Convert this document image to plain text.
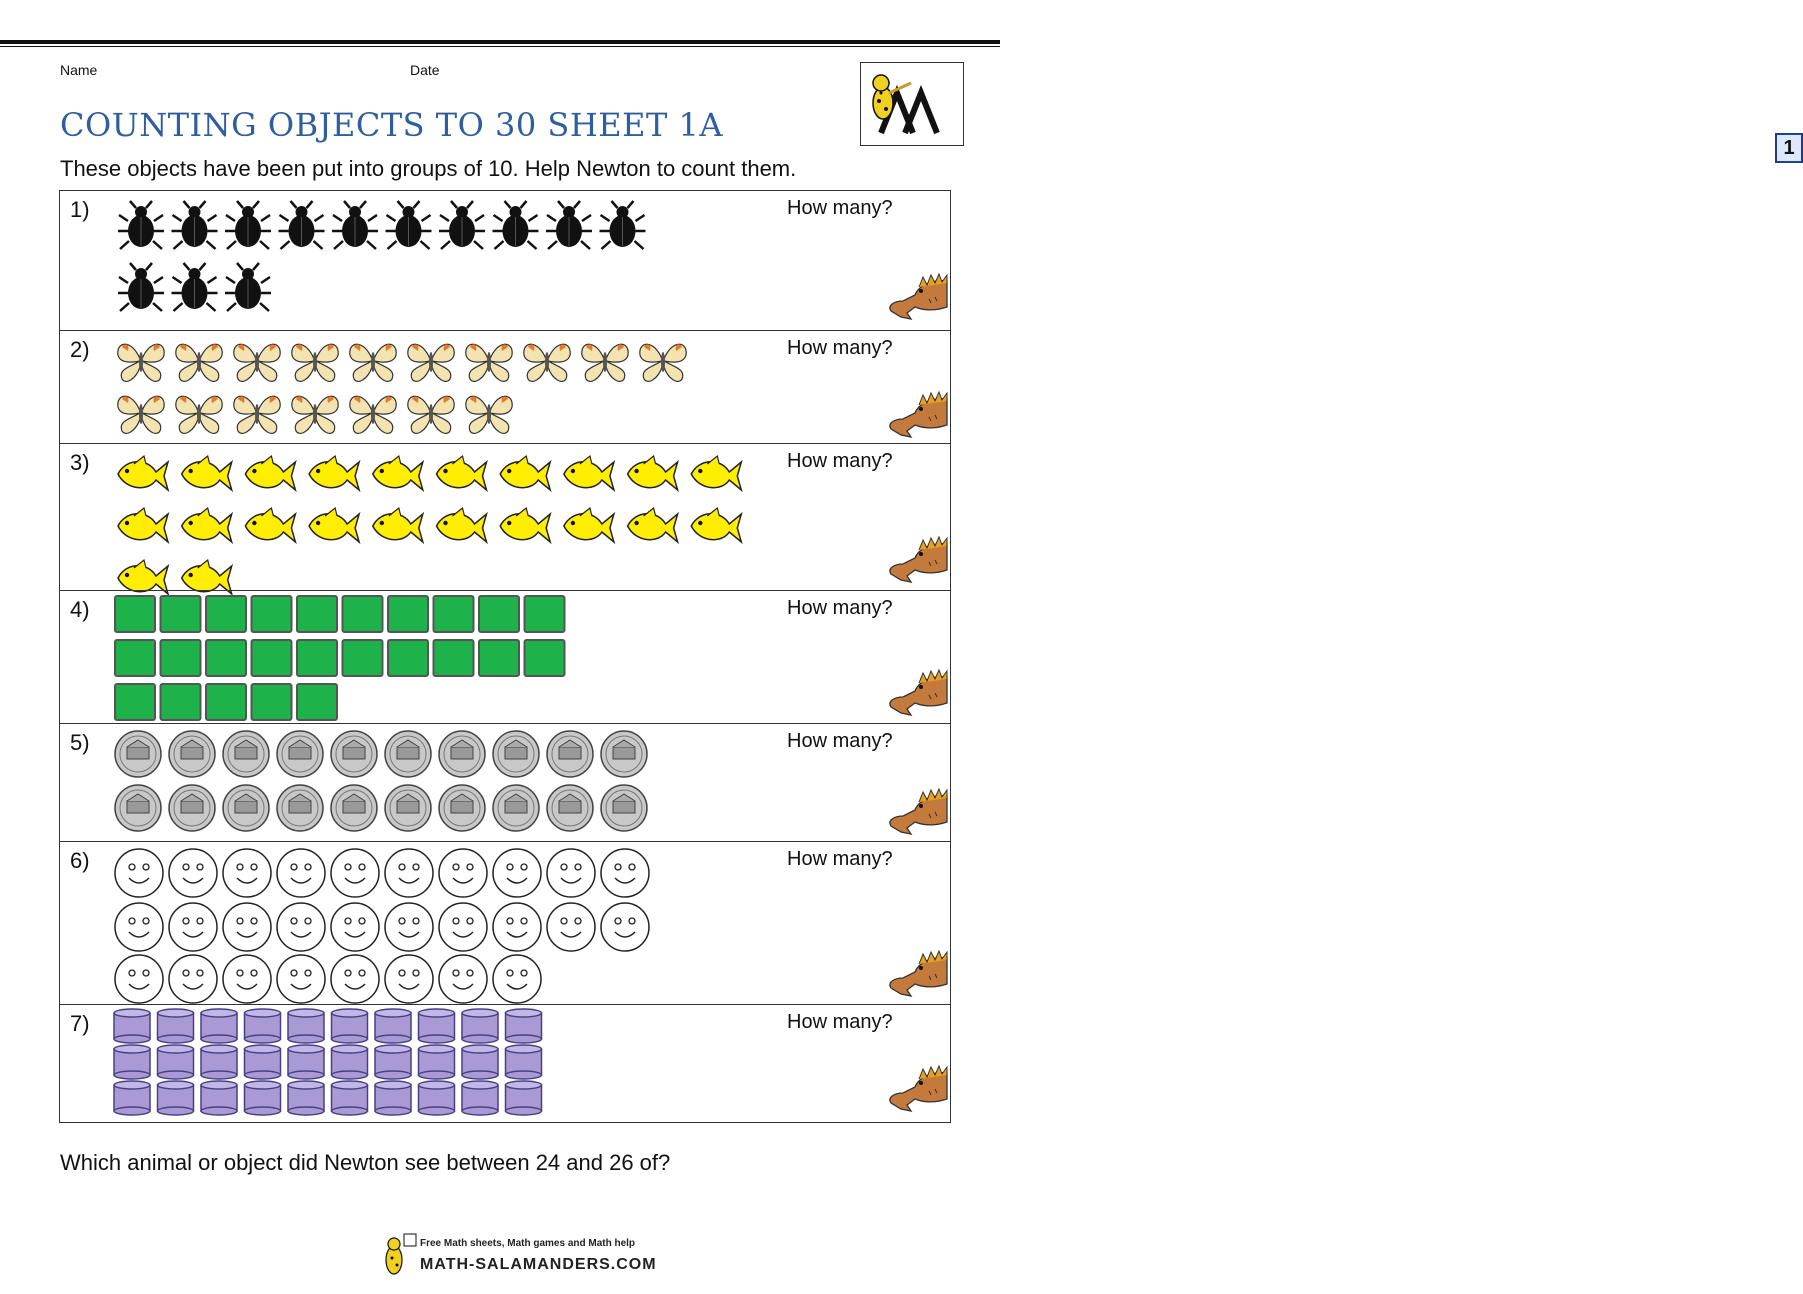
Name	Date
1
COUNTING OBJECTS TO 30 SHEET 1A
These objects have been put into groups of 10. Help Newton to count them.
1)	How many?
2)	How many?
3)	How many?
4)	How many?
5)	How many?
6)	How many?
7)	How many?
Which animal or object did Newton see between 24 and 26 of?
Free Math sheets, Math games and Math help
MATH-SALAMANDERS.COM
